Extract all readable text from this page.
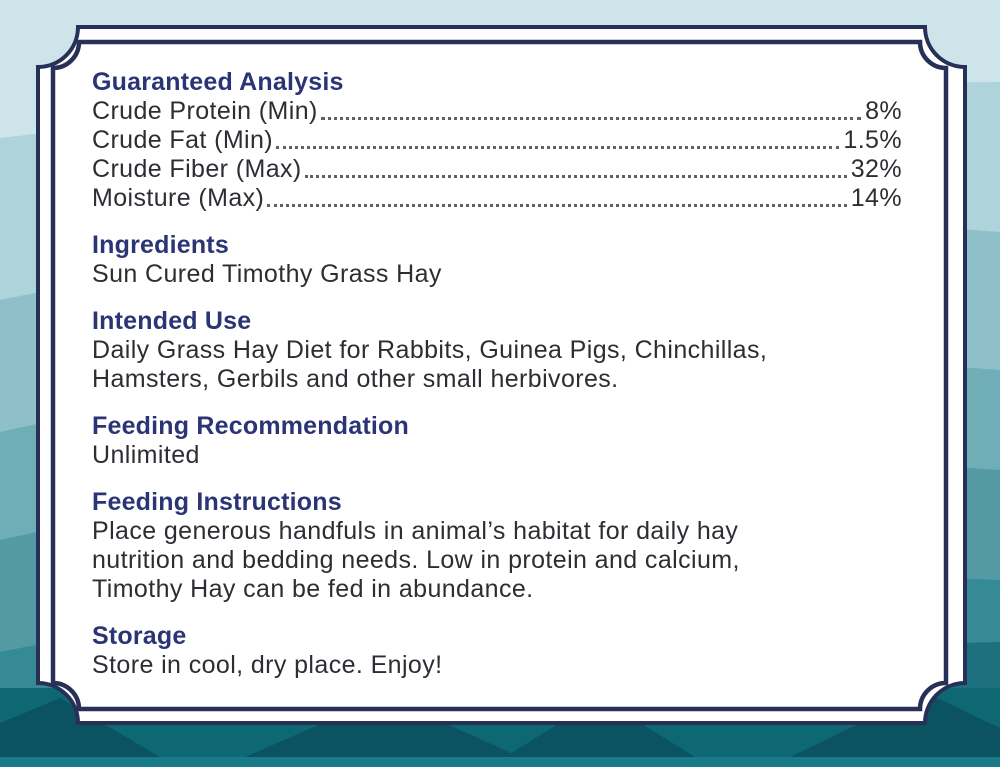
Guaranteed Analysis
Crude Protein (Min)	8%
Crude Fat (Min)	1.5%
Crude Fiber (Max)	32%
Moisture (Max)	14%
Ingredients

Sun Cured Timothy Grass Hay

Intended Use

Daily Grass Hay Diet for Rabbits, Guinea Pigs, Chinchillas,

Hamsters, Gerbils and other small herbivores.

Feeding Recommendation

Unlimited

Feeding Instructions

Place generous handfuls in animal’s habitat for daily hay

nutrition and bedding needs. Low in protein and calcium,

Timothy Hay can be fed in abundance.

Storage

Store in cool, dry place. Enjoy!
